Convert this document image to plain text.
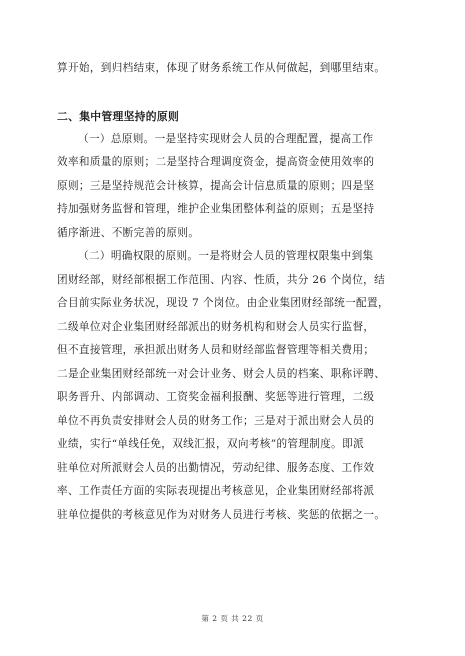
算开始，到归档结束，体现了财务系统工作从何做起，到哪里结束。
二、集中管理坚持的原则
（一）总原则。一是坚持实现财会人员的合理配置，提高工作
效率和质量的原则；二是坚持合理调度资金，提高资金使用效率的
原则；三是坚持规范会计核算，提高会计信息质量的原则；四是坚
持加强财务监督和管理，维护企业集团整体利益的原则；五是坚持
循序渐进、不断完善的原则。
（二）明确权限的原则。一是将财会人员的管理权限集中到集
团财经部，财经部根据工作范围、内容、性质，共分 26 个岗位，结
合目前实际业务状况，现设 7 个岗位。由企业集团财经部统一配置，
二级单位对企业集团财经部派出的财务机构和财会人员实行监督，
但不直接管理，承担派出财务人员和财经部监督管理等相关费用；
二是企业集团财经部统一对会计业务、财会人员的档案、职称评聘、
职务晋升、内部调动、工资奖金福利报酬、奖惩等进行管理，二级
单位不再负责安排财会人员的财务工作；三是对于派出财会人员的
业绩，实行“单线任免，双线汇报，双向考核”的管理制度。即派
驻单位对所派财会人员的出勤情况，劳动纪律、服务态度、工作效
率、工作责任方面的实际表现提出考核意见，企业集团财经部将派
驻单位提供的考核意见作为对财务人员进行考核、奖惩的依据之一。
第 2 页 共 22 页
